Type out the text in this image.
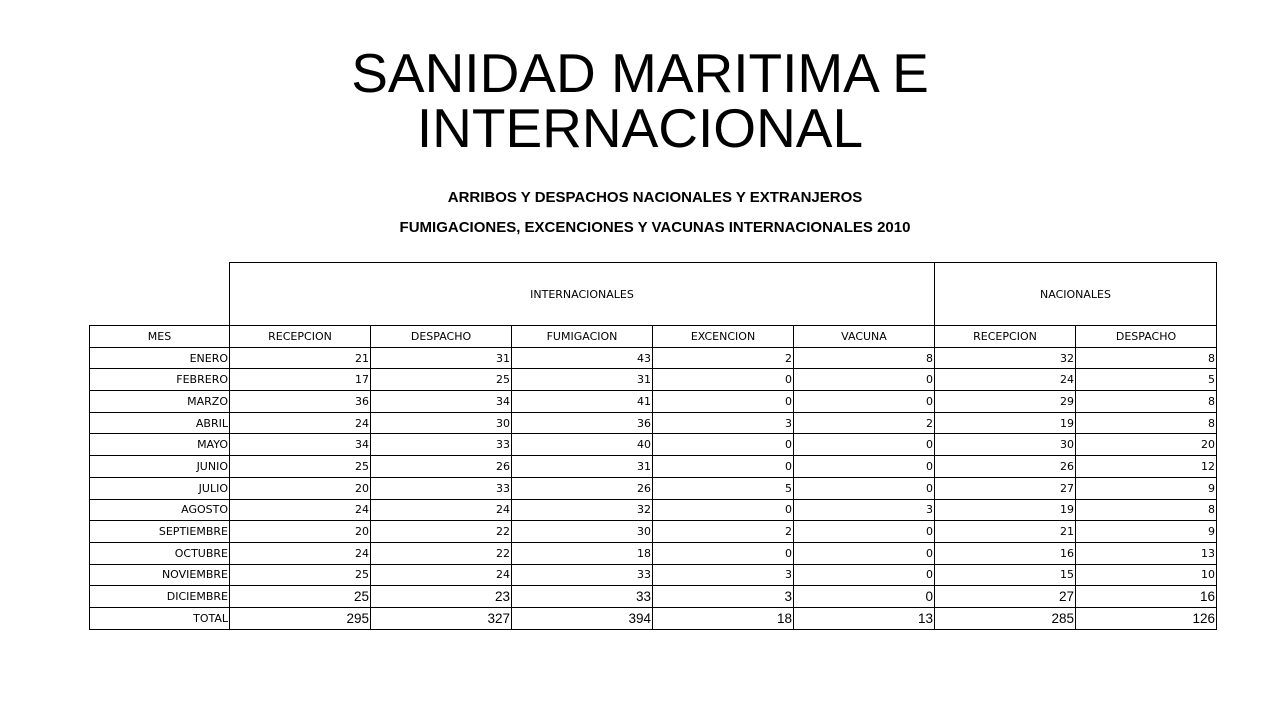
SANIDAD MARITIMA E
INTERNACIONAL

ARRIBOS Y DESPACHOS NACIONALES Y EXTRANJEROS

FUMIGACIONES, EXCENCIONES Y VACUNAS INTERNACIONALES 2010

	INTERNACIONALES					NACIONALES	
MES	RECEPCION	DESPACHO	FUMIGACION	EXCENCION	VACUNA	RECEPCION	DESPACHO
ENERO	21	31	43	2	8	32	8
FEBRERO	17	25	31	0	0	24	5
MARZO	36	34	41	0	0	29	8
ABRIL	24	30	36	3	2	19	8
MAYO	34	33	40	0	0	30	20
JUNIO	25	26	31	0	0	26	12
JULIO	20	33	26	5	0	27	9
AGOSTO	24	24	32	0	3	19	8
SEPTIEMBRE	20	22	30	2	0	21	9
OCTUBRE	24	22	18	0	0	16	13
NOVIEMBRE	25	24	33	3	0	15	10
DICIEMBRE	25	23	33	3	0	27	16
TOTAL	295	327	394	18	13	285	126
